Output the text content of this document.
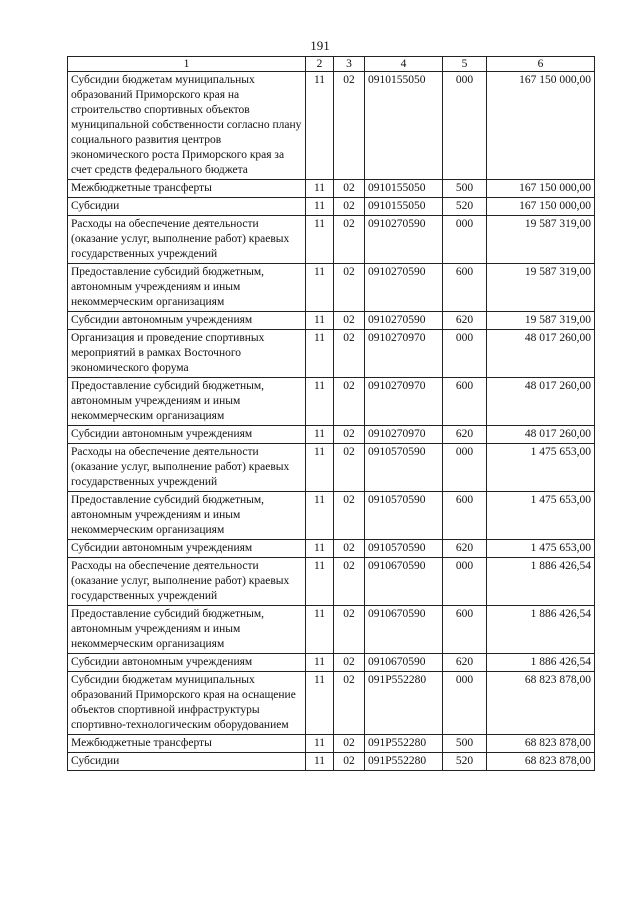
191
1	2	3	4	5	6
Субсидии бюджетам муниципальных образований Приморского края на строительство спортивных объектов муниципальной собственности согласно плану социального развития центров экономического роста Приморского края за счет средств федерального бюджета	11	02	0910155050	000	167 150 000,00
Межбюджетные трансферты	11	02	0910155050	500	167 150 000,00
Субсидии	11	02	0910155050	520	167 150 000,00
Расходы на обеспечение деятельности (оказание услуг, выполнение работ) краевых государственных учреждений	11	02	0910270590	000	19 587 319,00
Предоставление субсидий бюджетным, автономным учреждениям и иным некоммерческим организациям	11	02	0910270590	600	19 587 319,00
Субсидии автономным учреждениям	11	02	0910270590	620	19 587 319,00
Организация и проведение спортивных мероприятий в рамках Восточного экономического форума	11	02	0910270970	000	48 017 260,00
Предоставление субсидий бюджетным, автономным учреждениям и иным некоммерческим организациям	11	02	0910270970	600	48 017 260,00
Субсидии автономным учреждениям	11	02	0910270970	620	48 017 260,00
Расходы на обеспечение деятельности (оказание услуг, выполнение работ) краевых государственных учреждений	11	02	0910570590	000	1 475 653,00
Предоставление субсидий бюджетным, автономным учреждениям и иным некоммерческим организациям	11	02	0910570590	600	1 475 653,00
Субсидии автономным учреждениям	11	02	0910570590	620	1 475 653,00
Расходы на обеспечение деятельности (оказание услуг, выполнение работ) краевых государственных учреждений	11	02	0910670590	000	1 886 426,54
Предоставление субсидий бюджетным, автономным учреждениям и иным некоммерческим организациям	11	02	0910670590	600	1 886 426,54
Субсидии автономным учреждениям	11	02	0910670590	620	1 886 426,54
Субсидии бюджетам муниципальных образований Приморского края на оснащение объектов спортивной инфраструктуры спортивно-технологическим оборудованием	11	02	091P552280	000	68 823 878,00
Межбюджетные трансферты	11	02	091P552280	500	68 823 878,00
Субсидии	11	02	091P552280	520	68 823 878,00
